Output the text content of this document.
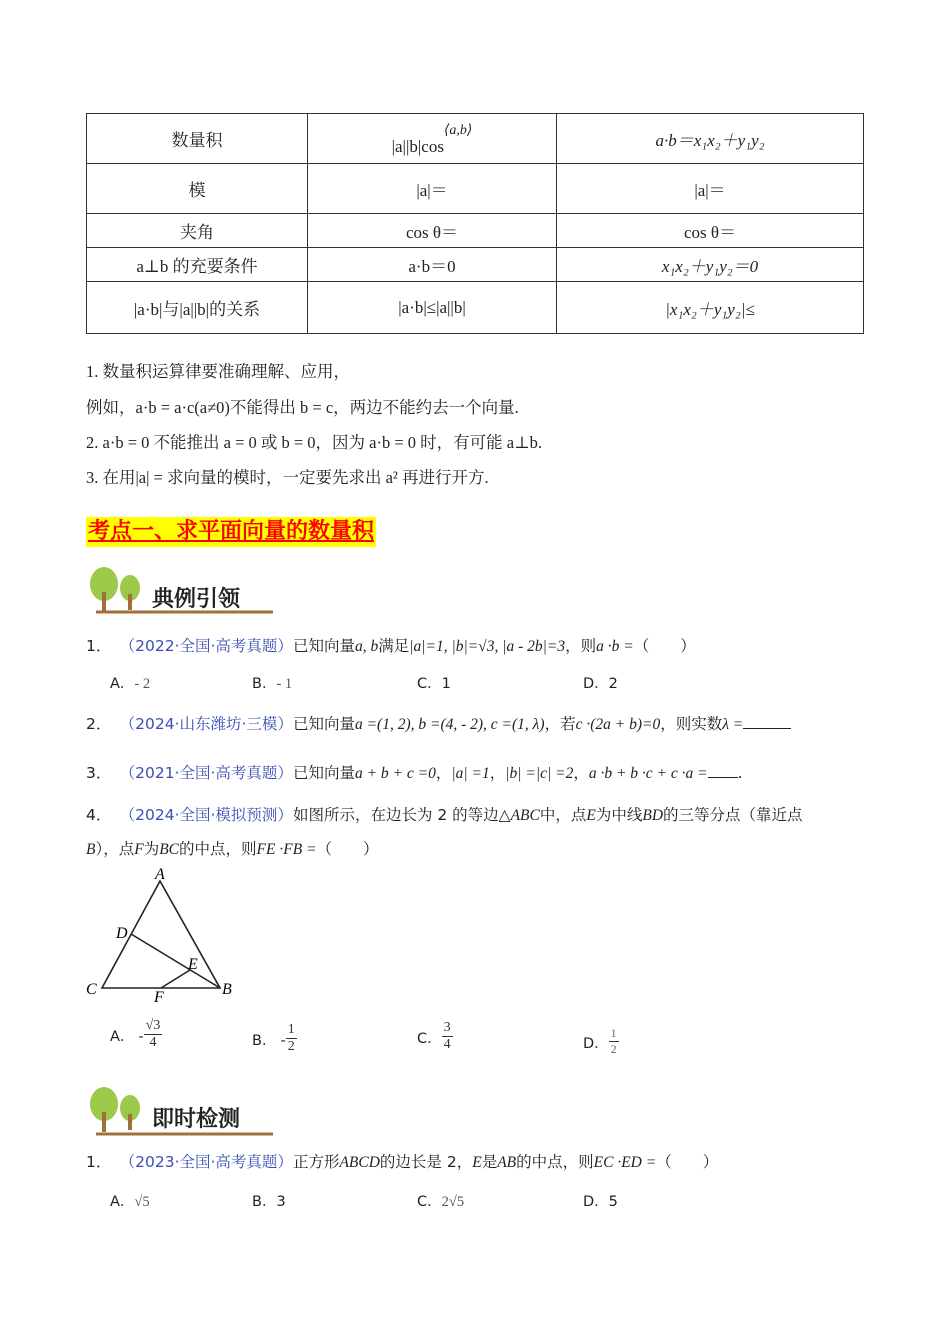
数量积	$|a||b|\cos^{⟨a,b⟩}$	a·b＝x₁x₂＋y₁y₂
模	|a|＝	|a|＝
夹角	cos θ＝	cos θ＝
a⊥b 的充要条件	a·b＝0	x₁x₂＋y₁y₂＝0
|a·b|与|a||b|的关系	|a·b|≤|a||b|	|x₁x₂＋y₁y₂|≤
1. 数量积运算律要准确理解、应用，
例如，a·b = a·c(a≠0)不能得出 b = c，两边不能约去一个向量.
2. a·b = 0 不能推出 a = 0 或 b = 0，因为 a·b = 0 时，有可能 a⊥b.
3. 在用|a| = 求向量的模时，一定要先求出 a² 再进行开方.
考点一、求平面向量的数量积
典例引领
1． （2022·全国·高考真题）已知向量a, b满足|a|=1, |b|=√3, |a - 2b|=3，则a ·b =（　　）
A．- 2	B．- 1	C．1	D．2
2． （2024·山东潍坊·三模）已知向量a =(1, 2), b =(4, - 2), c =(1, λ)，若c ·(2a + b)=0，则实数λ =
3． （2021·全国·高考真题）已知向量a + b + c =0，|a| =1，|b| =|c| =2，a ·b + b ·c + c ·a = .
4． （2024·全国·模拟预测）如图所示，在边长为 2 的等边△ABC中，点E为中线BD的三等分点（靠近点
B），点F为BC的中点，则FE ·FB =（　　）
A
D
E
C	F	B
A． - $\frac{√3}{4}$	B． - $\frac{1}{2}$	C． $\frac{3}{4}$	D． $\frac{1}{2}$
即时检测
1． （2023·全国·高考真题）正方形ABCD的边长是 2，E是AB的中点，则EC ·ED =（　　）
A．√5	B．3	C．2√5	D．5
